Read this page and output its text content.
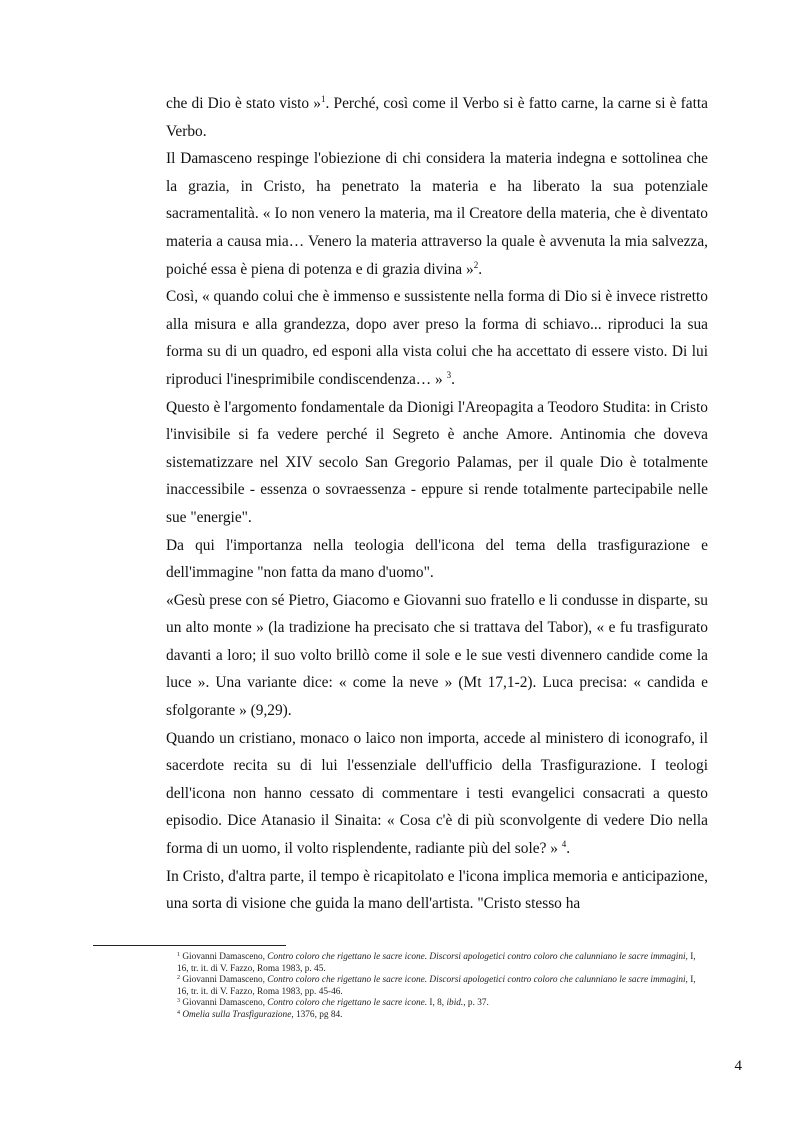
che di Dio è stato visto »$^1$. Perché, così come il Verbo si è fatto carne, la carne si è fatta Verbo.

Il Damasceno respinge l'obiezione di chi considera la materia indegna e sottolinea che la grazia, in Cristo, ha penetrato la materia e ha liberato la sua potenziale sacramentalità. « Io non venero la materia, ma il Creatore della materia, che è diventato materia a causa mia… Venero la materia attraverso la quale è avvenuta la mia salvezza, poiché essa è piena di potenza e di grazia divina »$^2$.

Così, « quando colui che è immenso e sussistente nella forma di Dio si è invece ristretto alla misura e alla grandezza, dopo aver preso la forma di schiavo... riproduci la sua forma su di un quadro, ed esponi alla vista colui che ha accettato di essere visto. Di lui riproduci l'inesprimibile condiscendenza… » $^3$.

Questo è l'argomento fondamentale da Dionigi l'Areopagita a Teodoro Studita: in Cristo l'invisibile si fa vedere perché il Segreto è anche Amore. Antinomia che doveva sistematizzare nel XIV secolo San Gregorio Palamas, per il quale Dio è totalmente inaccessibile - essenza o sovraessenza - eppure si rende totalmente partecipabile nelle sue "energie".

Da qui l'importanza nella teologia dell'icona del tema della trasfigurazione e dell'immagine "non fatta da mano d'uomo".

«Gesù prese con sé Pietro, Giacomo e Giovanni suo fratello e li condusse in disparte, su un alto monte » (la tradizione ha precisato che si trattava del Tabor), « e fu trasfigurato davanti a loro; il suo volto brillò come il sole e le sue vesti divennero candide come la luce ». Una variante dice: « come la neve » (Mt 17,1-2). Luca precisa: « candida e sfolgorante » (9,29).

Quando un cristiano, monaco o laico non importa, accede al ministero di iconografo, il sacerdote recita su di lui l'essenziale dell'ufficio della Trasfigurazione. I teologi dell'icona non hanno cessato di commentare i testi evangelici consacrati a questo episodio. Dice Atanasio il Sinaita: « Cosa c'è di più sconvolgente di vedere Dio nella forma di un uomo, il volto risplendente, radiante più del sole? » $^4$.

In Cristo, d'altra parte, il tempo è ricapitolato e l'icona implica memoria e anticipazione, una sorta di visione che guida la mano dell'artista. "Cristo stesso ha

$^1$ Giovanni Damasceno, Contro coloro che rigettano le sacre icone. Discorsi apologetici contro coloro che calunniano le sacre immagini, I, 16, tr. it. di V. Fazzo, Roma 1983, p. 45.
$^2$ Giovanni Damasceno, Contro coloro che rigettano le sacre icone. Discorsi apologetici contro coloro che calunniano le sacre immagini, I, 16, tr. it. di V. Fazzo, Roma 1983, pp. 45-46.
$^3$ Giovanni Damasceno, Contro coloro che rigettano le sacre icone. I, 8, ibid., p. 37.
$^4$ Omelia sulla Trasfigurazione, 1376, pg 84.
4
